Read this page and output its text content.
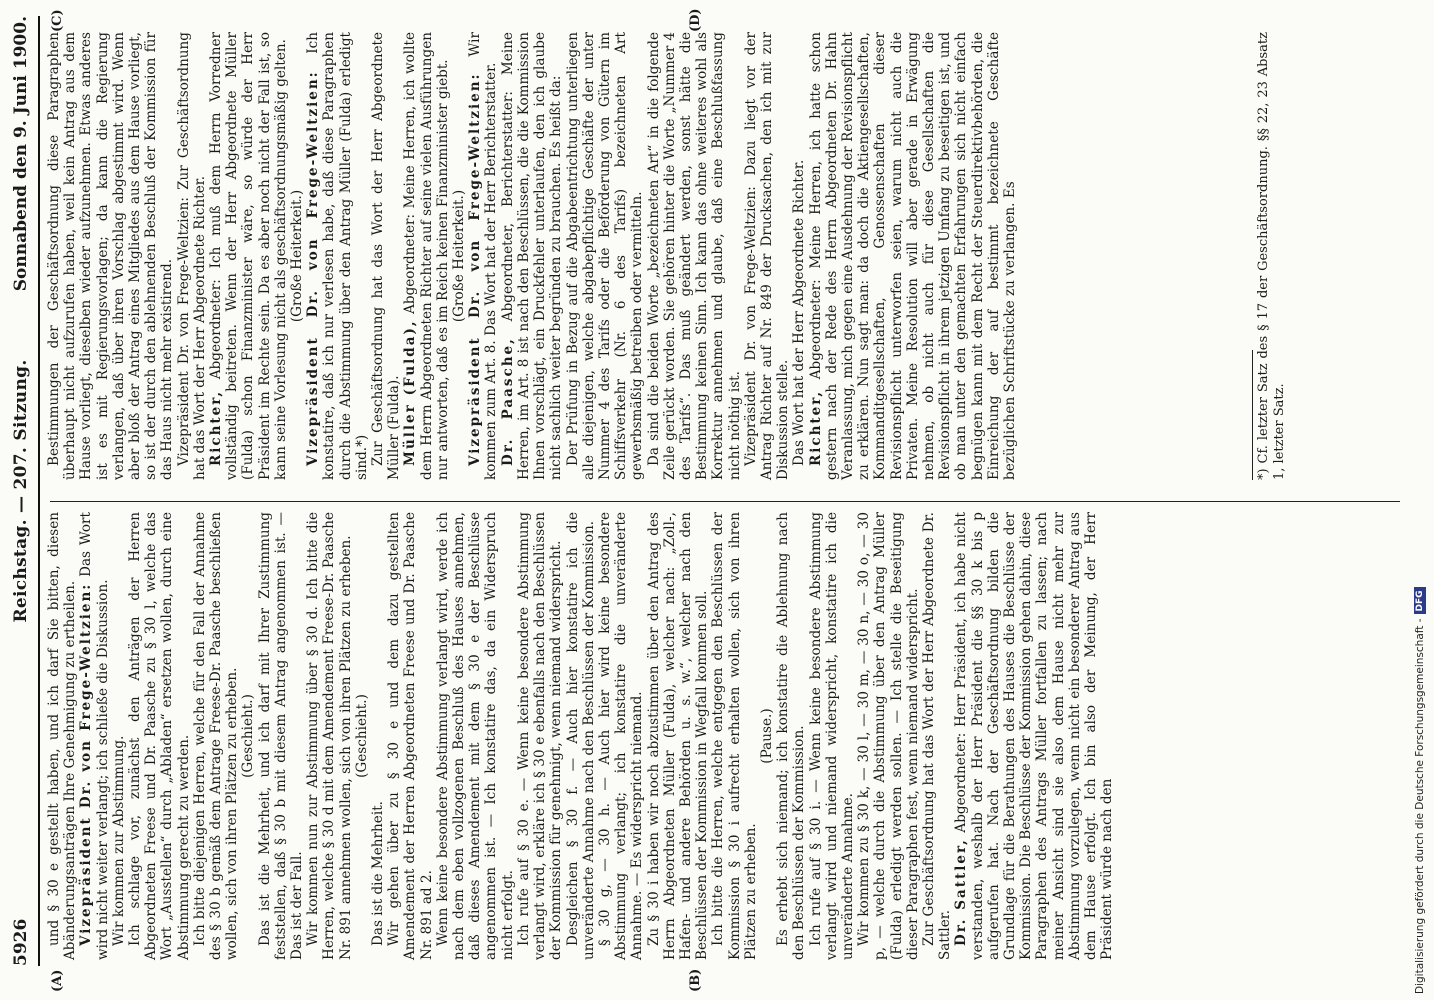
5926
Reichstag. — 207. Sitzung.
Sonnabend den 9. Juni 1900.
(A)	(B)
(C)	(D)

und § 30 e gestellt haben, und ich darf Sie bitten, diesen Abänderungsanträgen Ihre Genehmigung zu ertheilen. Vizepräsident Dr. von Frege-Weltzien: Das Wort wird nicht weiter verlangt; ich schließe die Diskussion. Wir kommen zur Abstimmung. Ich schlage vor, zunächst den Anträgen der Herren Abgeordneten Freese und Dr. Paasche zu § 30 l, welche das Wort „Ausstellen“ durch „Abladen“ ersetzen wollen, durch eine Abstimmung gerecht zu werden. Ich bitte diejenigen Herren, welche für den Fall der Annahme des § 30 b gemäß dem Antrage Freese-Dr. Paasche beschließen wollen, sich von ihren Plätzen zu erheben. (Geschieht.) Das ist die Mehrheit, und ich darf mit Ihrer Zustimmung feststellen, daß § 30 b mit diesem Antrag angenommen ist. — Das ist der Fall. Wir kommen nun zur Abstimmung über § 30 d. Ich bitte die Herren, welche § 30 d mit dem Amendement Freese-Dr. Paasche Nr. 891 annehmen wollen, sich von ihren Plätzen zu erheben. (Geschieht.)

Das ist die Mehrheit. Wir gehen über zu § 30 e und dem dazu gestellten Amendement der Herren Abgeordneten Freese und Dr. Paasche Nr. 891 ad 2. Wenn keine besondere Abstimmung verlangt wird, werde ich nach dem eben vollzogenen Beschluß des Hauses annehmen, daß dieses Amendement mit dem § 30 e der Beschlüsse angenommen ist. — Ich konstatire das, da ein Widerspruch nicht erfolgt. Ich rufe auf § 30 e. — Wenn keine besondere Abstimmung verlangt wird, erkläre ich § 30 e ebenfalls nach den Beschlüssen der Kommission für genehmigt, wenn niemand widerspricht. Desgleichen § 30 f. — Auch hier konstatire ich die unveränderte Annahme nach den Beschlüssen der Kommission. § 30 g, — 30 h. — Auch hier wird keine besondere Abstimmung verlangt; ich konstatire die unveränderte Annahme. — Es widerspricht niemand. Zu § 30 i haben wir noch abzustimmen über den Antrag des Herrn Abgeordneten Müller (Fulda), welcher nach: „Zoll-, Hafen- und andere Behörden u. s. w.“, welcher nach den Beschlüssen der Kommission in Wegfall kommen soll. Ich bitte die Herren, welche entgegen den Beschlüssen der Kommission § 30 i aufrecht erhalten wollen, sich von ihren Plätzen zu erheben.

(Pause.) Es erhebt sich niemand; ich konstatire die Ablehnung nach den Beschlüssen der Kommission. Ich rufe auf § 30 i. — Wenn keine besondere Abstimmung verlangt wird und niemand widerspricht, konstatire ich die unveränderte Annahme. Wir kommen zu § 30 k, — 30 l, — 30 m, — 30 n, — 30 o, — 30 p, — welche durch die Abstimmung über den Antrag Müller (Fulda) erledigt werden sollen. — Ich stelle die Beseitigung dieser Paragraphen fest, wenn niemand widerspricht. Zur Geschäftsordnung hat das Wort der Herr Abgeordnete Dr. Sattler. Dr. Sattler, Abgeordneter: Herr Präsident, ich habe nicht verstanden, weshalb der Herr Präsident die §§ 30 k bis p aufgerufen hat. Nach der Geschäftsordnung bilden die Grundlage für die Berathungen des Hauses die Beschlüsse der Kommission. Die Beschlüsse der Kommission gehen dahin, diese Paragraphen des Antrags Müller fortfallen zu lassen; nach meiner Ansicht sind sie also dem Hause nicht mehr zur Abstimmung vorzulegen, wenn nicht ein besonderer Antrag aus dem Hause erfolgt. Ich bin also der Meinung, der Herr Präsident würde nach den

Bestimmungen der Geschäftsordnung diese Paragraphen überhaupt nicht aufzurufen haben, weil kein Antrag aus dem Hause vorliegt, dieselben wieder aufzunehmen. Etwas anderes ist es mit Regierungsvorlagen; da kann die Regierung verlangen, daß über ihren Vorschlag abgestimmt wird. Wenn aber bloß der Antrag eines Mitgliedes aus dem Hause vorliegt, so ist der durch den ablehnenden Beschluß der Kommission für das Haus nicht mehr existirend. Vizepräsident Dr. von Frege-Weltzien: Zur Geschäftsordnung hat das Wort der Herr Abgeordnete Richter. Richter, Abgeordneter: Ich muß dem Herrn Vorredner vollständig beitreten. Wenn der Herr Abgeordnete Müller (Fulda) schon Finanzminister wäre, so würde der Herr Präsident im Rechte sein. Da es aber noch nicht der Fall ist, so kann seine Vorlesung nicht als geschäftsordnungsmäßig gelten. (Große Heiterkeit.) Vizepräsident Dr. von Frege-Weltzien: Ich konstatire, daß ich nur verlesen habe, daß diese Paragraphen durch die Abstimmung über den Antrag Müller (Fulda) erledigt sind.*) Zur Geschäftsordnung hat das Wort der Herr Abgeordnete Müller (Fulda). Müller (Fulda), Abgeordneter: Meine Herren, ich wollte dem Herrn Abgeordneten Richter auf seine vielen Ausführungen nur antworten, daß es im Reich keinen Finanzminister giebt. (Große Heiterkeit.) Vizepräsident Dr. von Frege-Weltzien: Wir kommen zum Art. 8. Das Wort hat der Herr Berichterstatter. Dr. Paasche, Abgeordneter, Berichterstatter: Meine Herren, im Art. 8 ist nach den Beschlüssen, die die Kommission Ihnen vorschlägt, ein Druckfehler unterlaufen, den ich glaube nicht sachlich weiter begründen zu brauchen. Es heißt da: Der Prüfung in Bezug auf die Abgabeentrichtung unterliegen alle diejenigen, welche abgabepflichtige Geschäfte der unter Nummer 4 des Tarifs oder die Beförderung von Gütern im Schiffsverkehr (Nr. 6 des Tarifs) bezeichneten Art gewerbsmäßig betreiben oder vermitteln. Da sind die beiden Worte „bezeichneten Art“ in die folgende Zeile gerückt worden. Sie gehören hinter die Worte „Nummer 4 des Tarifs“. Das muß geändert werden, sonst hätte die Bestimmung keinen Sinn. Ich kann das ohne weiteres wohl als Korrektur annehmen und glaube, daß eine Beschlußfassung nicht nöthig ist. Vizepräsident Dr. von Frege-Weltzien: Dazu liegt vor der Antrag Richter auf Nr. 849 der Drucksachen, den ich mit zur Diskussion stelle. Das Wort hat der Herr Abgeordnete Richter. Richter, Abgeordneter: Meine Herren, ich hatte schon gestern nach der Rede des Herrn Abgeordneten Dr. Hahn Veranlassung, mich gegen eine Ausdehnung der Revisionspflicht zu erklären. Nun sagt man: da doch die Aktiengesellschaften, Kommanditgesellschaften, Genossenschaften dieser Revisionspflicht unterworfen seien, warum nicht auch die Privaten. Meine Resolution will aber gerade in Erwägung nehmen, ob nicht auch für diese Gesellschaften die Revisionspflicht in ihrem jetzigen Umfang zu beseitigen ist, und ob man unter den gemachten Erfahrungen sich nicht einfach begnügen kann mit dem Recht der Steuerdirektivbehörden, die Einreichung der auf bestimmt bezeichnete Geschäfte bezüglichen Schriftstücke zu verlangen. Es	*) Cf. letzter Satz des § 17 der Geschäftsordnung. §§ 22, 23 Absatz 1, letzter Satz.
Digitalisierung gefördert durch die Deutsche Forschungsgemeinschaft -DFG
